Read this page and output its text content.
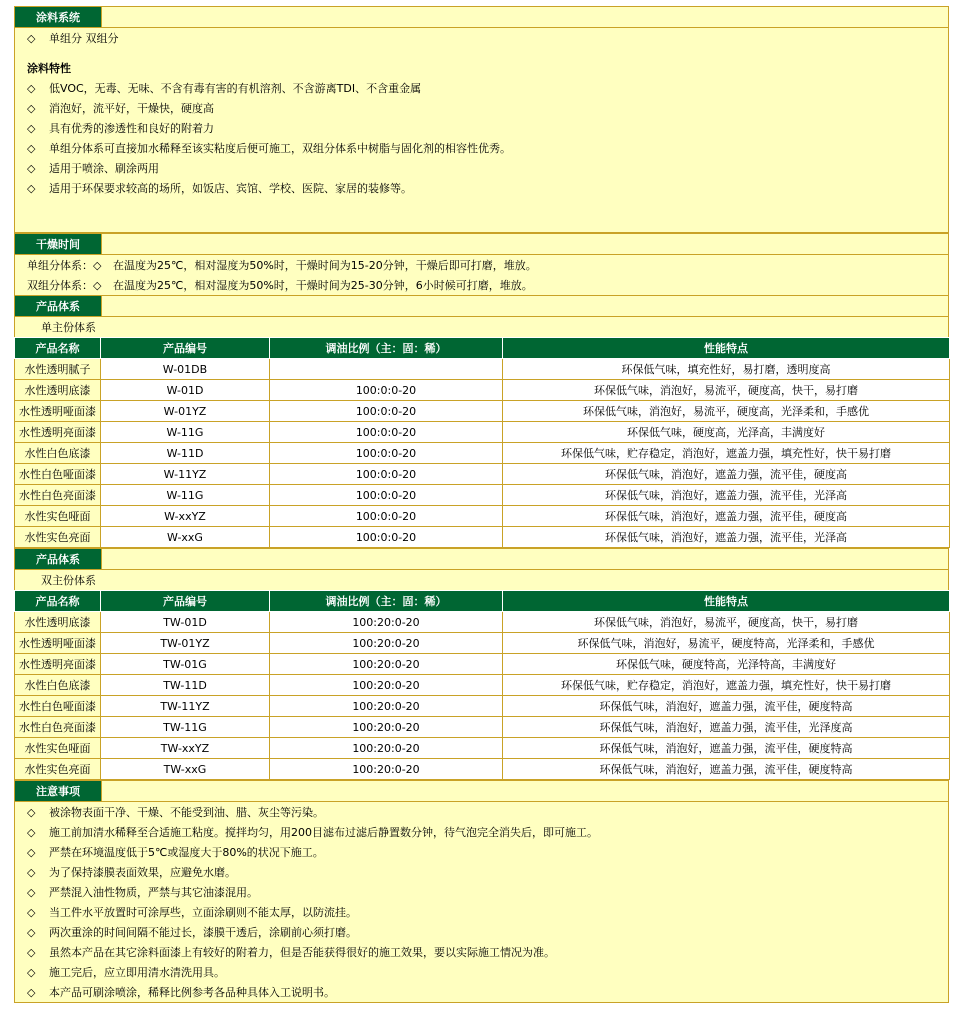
涂料系统
◇	单组分 双组分
涂料特性
◇	低VOC，无毒、无味、不含有毒有害的有机溶剂、不含游离TDI、不含重金属
◇	消泡好，流平好，干燥快，硬度高
◇	具有优秀的渗透性和良好的附着力
◇	单组分体系可直接加水稀释至该实粘度后便可施工，双组分体系中树脂与固化剂的相容性优秀。
◇	适用于喷涂、刷涂两用
◇	适用于环保要求较高的场所，如饭店、宾馆、学校、医院、家居的装修等。
干燥时间
单组分体系： ◇	在温度为25℃，相对湿度为50%时，干燥时间为15-20分钟，干燥后即可打磨，堆放。
双组分体系： ◇	在温度为25℃，相对湿度为50%时，干燥时间为25-30分钟，6小时候可打磨，堆放。
产品体系
单主份体系
产品名称	产品编号	调油比例（主：固：稀）	性能特点
水性透明腻子	W-01DB		环保低气味，填充性好，易打磨，透明度高
水性透明底漆	W-01D	100:0:0-20	环保低气味，消泡好，易流平，硬度高，快干，易打磨
水性透明哑面漆	W-01YZ	100:0:0-20	环保低气味，消泡好，易流平，硬度高，光泽柔和，手感优
水性透明亮面漆	W-11G	100:0:0-20	环保低气味，硬度高，光泽高，丰满度好
水性白色底漆	W-11D	100:0:0-20	环保低气味，贮存稳定，消泡好，遮盖力强，填充性好，快干易打磨
水性白色哑面漆	W-11YZ	100:0:0-20	环保低气味，消泡好，遮盖力强，流平佳，硬度高
水性白色亮面漆	W-11G	100:0:0-20	环保低气味，消泡好，遮盖力强，流平佳，光泽高
水性实色哑面	W-xxYZ	100:0:0-20	环保低气味，消泡好，遮盖力强，流平佳，硬度高
水性实色亮面	W-xxG	100:0:0-20	环保低气味，消泡好，遮盖力强，流平佳，光泽高
产品体系
双主份体系
产品名称	产品编号	调油比例（主：固：稀）	性能特点
水性透明底漆	TW-01D	100:20:0-20	环保低气味，消泡好，易流平，硬度高，快干，易打磨
水性透明哑面漆	TW-01YZ	100:20:0-20	环保低气味，消泡好，易流平，硬度特高，光泽柔和，手感优
水性透明亮面漆	TW-01G	100:20:0-20	环保低气味，硬度特高，光泽特高，丰满度好
水性白色底漆	TW-11D	100:20:0-20	环保低气味，贮存稳定，消泡好，遮盖力强，填充性好，快干易打磨
水性白色哑面漆	TW-11YZ	100:20:0-20	环保低气味，消泡好，遮盖力强，流平佳，硬度特高
水性白色亮面漆	TW-11G	100:20:0-20	环保低气味，消泡好，遮盖力强，流平佳，光泽度高
水性实色哑面	TW-xxYZ	100:20:0-20	环保低气味，消泡好，遮盖力强，流平佳，硬度特高
水性实色亮面	TW-xxG	100:20:0-20	环保低气味，消泡好，遮盖力强，流平佳，硬度特高
注意事项
◇	被涂物表面干净、干燥、不能受到油、腊、灰尘等污染。
◇	施工前加清水稀释至合适施工粘度。搅拌均匀，用200目滤布过滤后静置数分钟，待气泡完全消失后，即可施工。
◇	严禁在环境温度低于5℃或湿度大于80%的状况下施工。
◇	为了保持漆膜表面效果，应避免水磨。
◇	严禁混入油性物质，严禁与其它油漆混用。
◇	当工件水平放置时可涂厚些，立面涂刷则不能太厚，以防流挂。
◇	两次重涂的时间间隔不能过长，漆膜干透后，涂刷前心须打磨。
◇	虽然本产品在其它涂料面漆上有较好的附着力，但是否能获得很好的施工效果，要以实际施工情况为准。
◇	施工完后，应立即用清水清洗用具。
◇	本产品可刷涂喷涂，稀释比例参考各品种具体入工说明书。
